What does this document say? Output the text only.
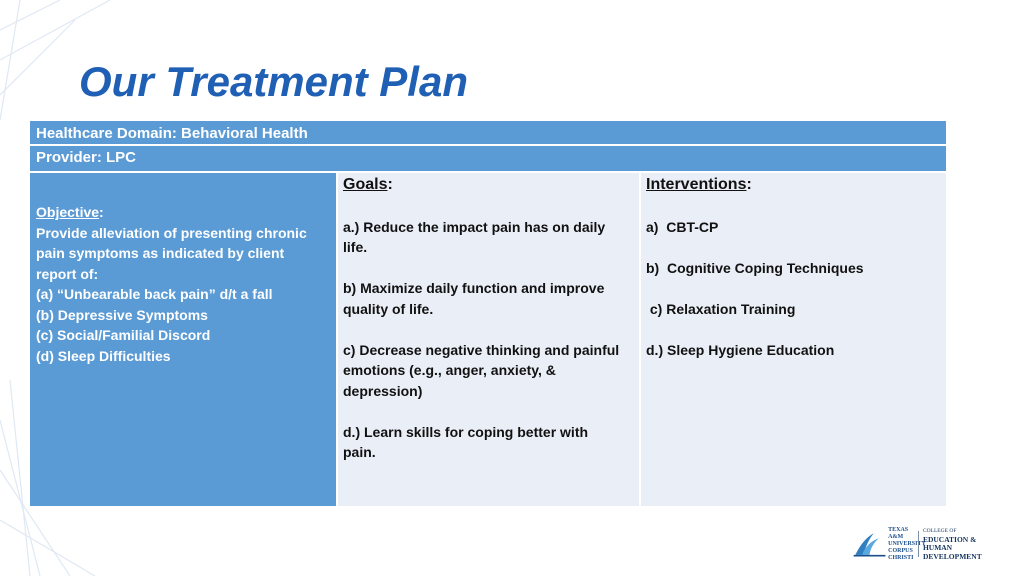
Our Treatment Plan
Healthcare Domain: Behavioral Health
Provider: LPC
Objective:
Provide alleviation of presenting chronic
pain symptoms as indicated by client
report of:
(a) “Unbearable back pain” d/t a fall
(b) Depressive Symptoms
(c) Social/Familial Discord
(d) Sleep Difficulties
Goals:
a.) Reduce the impact pain has on daily
life.
b) Maximize daily function and improve
quality of life.
c) Decrease negative thinking and painful
emotions (e.g., anger, anxiety, &
depression)
d.) Learn skills for coping better with
pain.
Interventions:
a)  CBT-CP
b)  Cognitive Coping Techniques
c) Relaxation Training
d.) Sleep Hygiene Education
TEXAS A&M
UNIVERSITY
CORPUS
CHRISTI
COLLEGE OF
EDUCATION &
HUMAN DEVELOPMENT
